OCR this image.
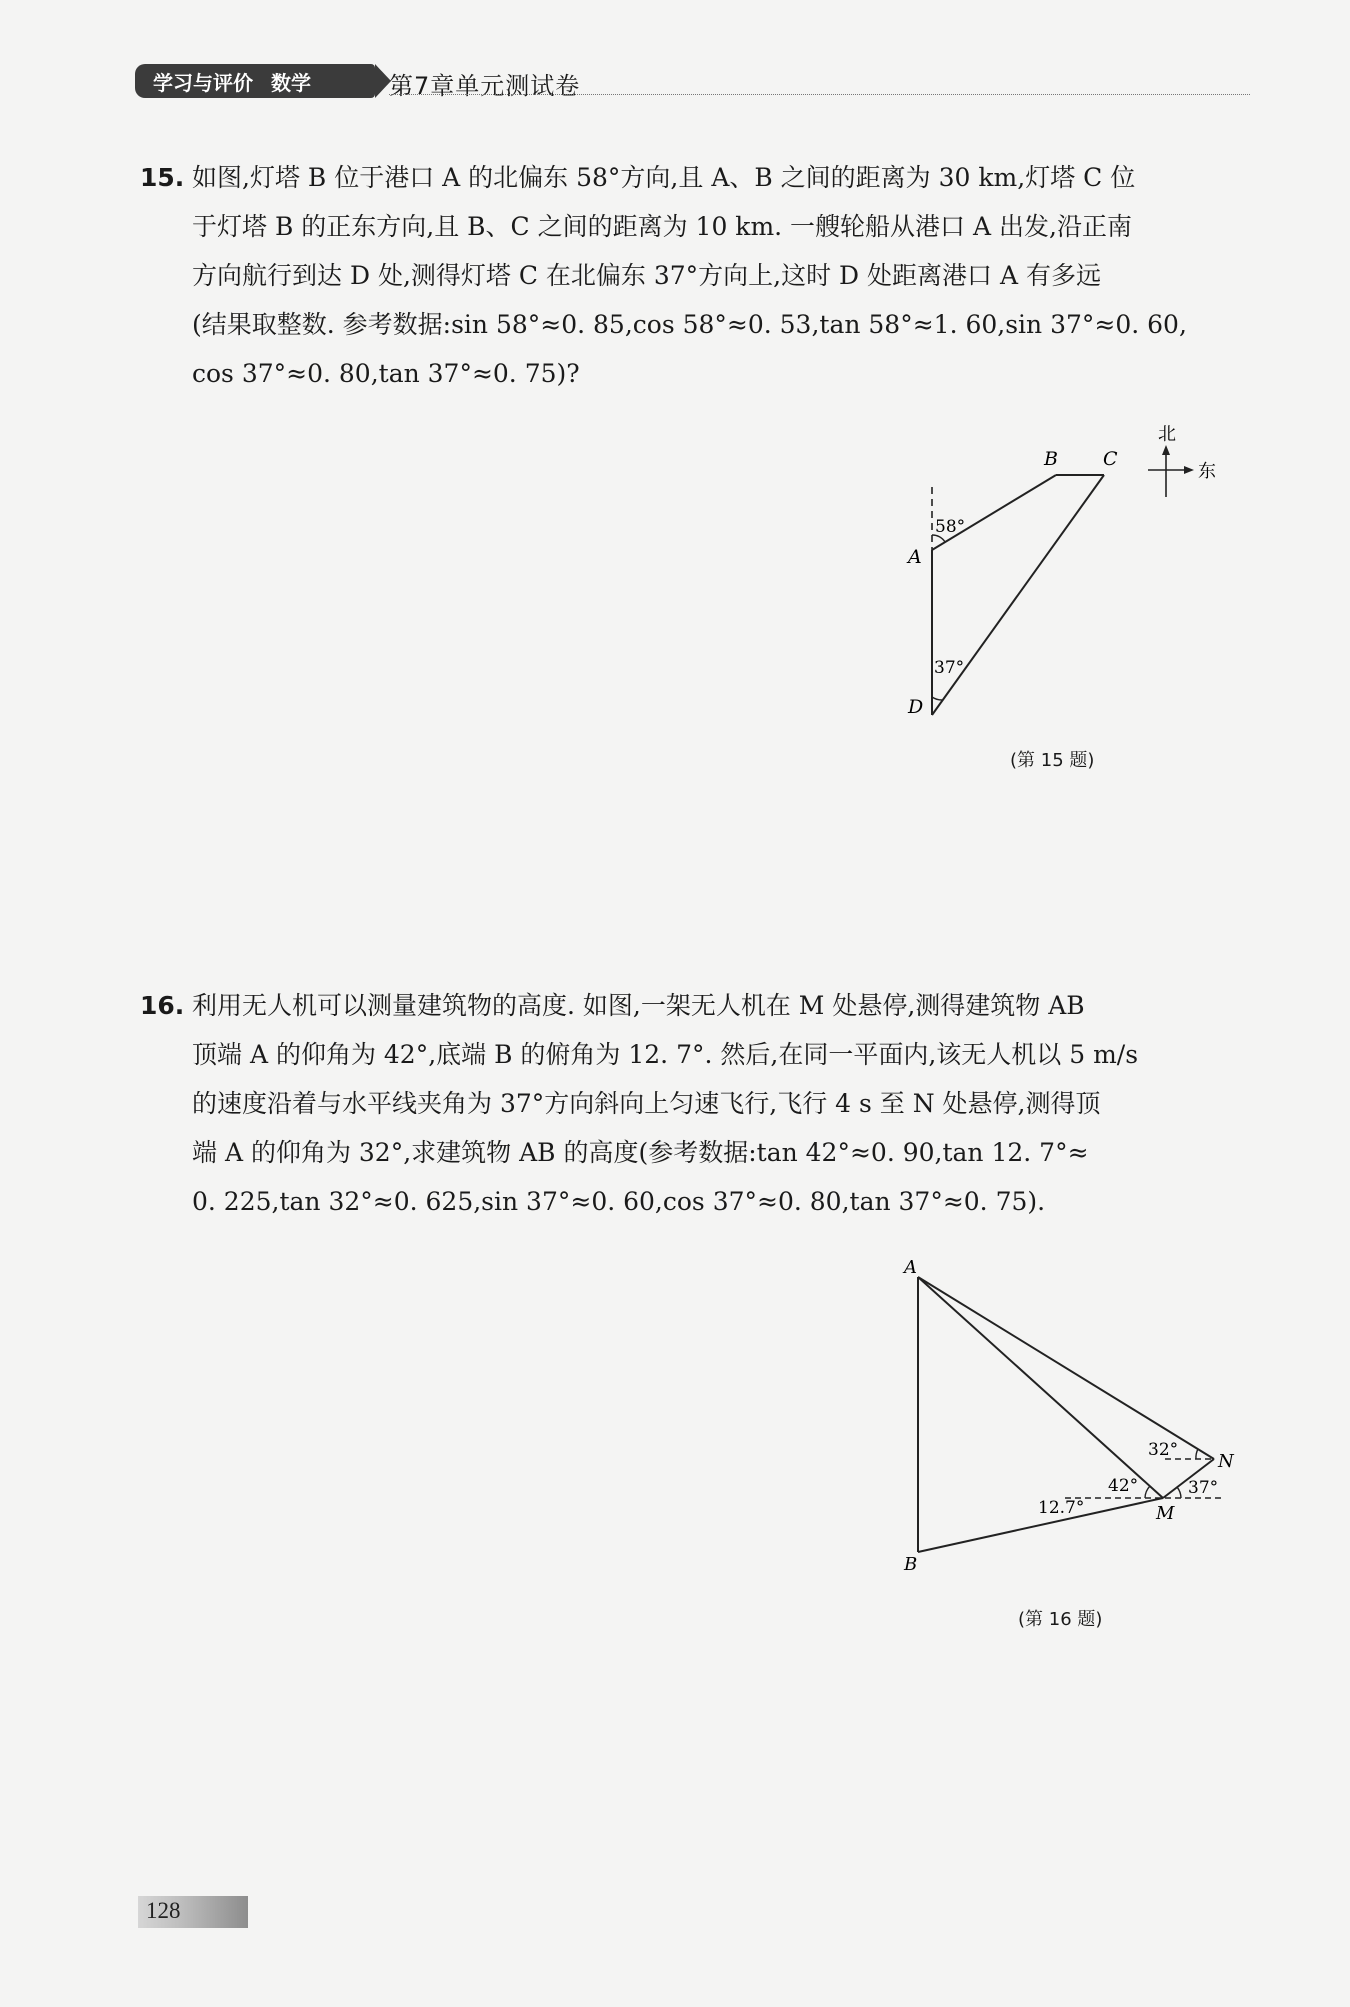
学习与评价 数学	第7章单元测试卷
15. 如图,灯塔 B 位于港口 A 的北偏东 58°方向,且 A、B 之间的距离为 30 km,灯塔 C 位
于灯塔 B 的正东方向,且 B、C 之间的距离为 10 km. 一艘轮船从港口 A 出发,沿正南
方向航行到达 D 处,测得灯塔 C 在北偏东 37°方向上,这时 D 处距离港口 A 有多远
(结果取整数. 参考数据:sin 58°≈0. 85,cos 58°≈0. 53,tan 58°≈1. 60,sin 37°≈0. 60,
cos 37°≈0. 80,tan 37°≈0. 75)?
B C
A
D
58°
37°
北
东
(第 15 题)
16. 利用无人机可以测量建筑物的高度. 如图,一架无人机在 M 处悬停,测得建筑物 AB
顶端 A 的仰角为 42°,底端 B 的俯角为 12. 7°. 然后,在同一平面内,该无人机以 5 m/s
的速度沿着与水平线夹角为 37°方向斜向上匀速飞行,飞行 4 s 至 N 处悬停,测得顶
端 A 的仰角为 32°,求建筑物 AB 的高度(参考数据:tan 42°≈0. 90,tan 12. 7°≈
0. 225,tan 32°≈0. 625,sin 37°≈0. 60,cos 37°≈0. 80,tan 37°≈0. 75).
A
B
M
N
32°
42°
12.7°
37°
(第 16 题)
128
